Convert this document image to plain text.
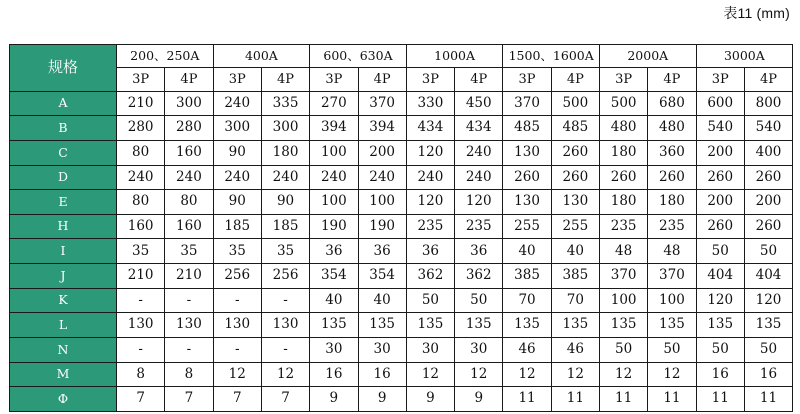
表11 (mm)
规格	200、250A		400A		600、630A		1000A		1500、1600A		2000A		3000A	
	3P	4P	3P	4P	3P	4P	3P	4P	3P	4P	3P	4P	3P	4P
A	210	300	240	335	270	370	330	450	370	500	500	680	600	800
B	280	280	300	300	394	394	434	434	485	485	480	480	540	540
C	80	160	90	180	100	200	120	240	130	260	180	360	200	400
D	240	240	240	240	240	240	240	240	260	260	260	260	260	260
E	80	80	90	90	100	100	120	120	130	130	180	180	200	200
H	160	160	185	185	190	190	235	235	255	255	235	235	260	260
I	35	35	35	35	36	36	36	36	40	40	48	48	50	50
J	210	210	256	256	354	354	362	362	385	385	370	370	404	404
K	-	-	-	-	40	40	50	50	70	70	100	100	120	120
L	130	130	130	130	135	135	135	135	135	135	135	135	135	135
N	-	-	-	-	30	30	30	30	46	46	50	50	50	50
M	8	8	12	12	16	16	12	12	12	12	12	12	16	16
Φ	7	7	7	7	9	9	9	9	11	11	11	11	11	11
